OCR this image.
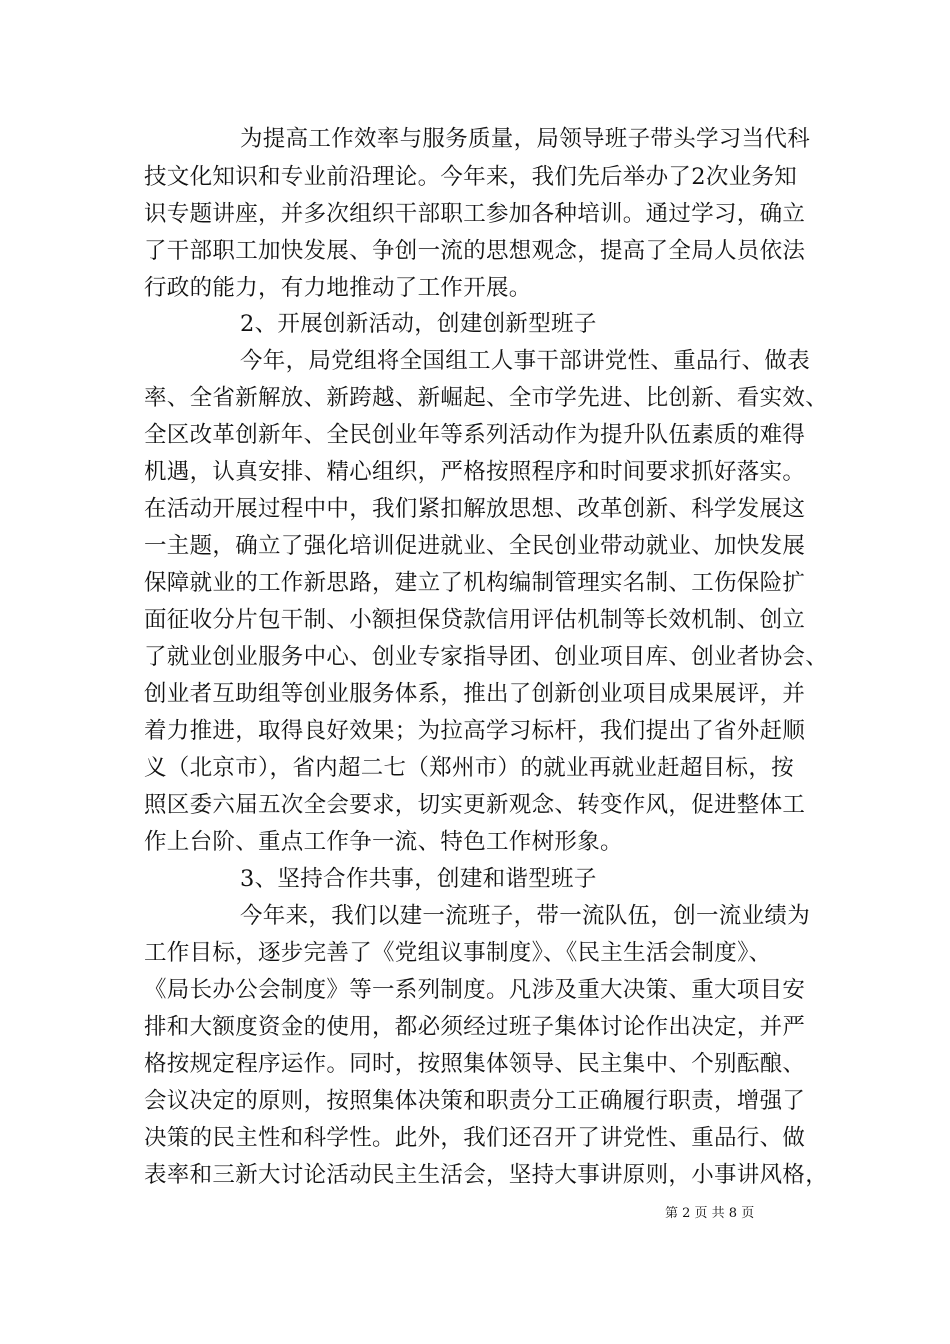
为提高工作效率与服务质量，局领导班子带头学习当代科
技文化知识和专业前沿理论。今年来，我们先后举办了2次业务知
识专题讲座，并多次组织干部职工参加各种培训。通过学习，确立
了干部职工加快发展、争创一流的思想观念，提高了全局人员依法
行政的能力，有力地推动了工作开展。
2、开展创新活动，创建创新型班子
今年，局党组将全国组工人事干部讲党性、重品行、做表
率、全省新解放、新跨越、新崛起、全市学先进、比创新、看实效、
全区改革创新年、全民创业年等系列活动作为提升队伍素质的难得
机遇，认真安排、精心组织，严格按照程序和时间要求抓好落实。
在活动开展过程中中，我们紧扣解放思想、改革创新、科学发展这
一主题，确立了强化培训促进就业、全民创业带动就业、加快发展
保障就业的工作新思路，建立了机构编制管理实名制、工伤保险扩
面征收分片包干制、小额担保贷款信用评估机制等长效机制、创立
了就业创业服务中心、创业专家指导团、创业项目库、创业者协会、
创业者互助组等创业服务体系，推出了创新创业项目成果展评，并
着力推进，取得良好效果；为拉高学习标杆，我们提出了省外赶顺
义（北京市），省内超二七（郑州市）的就业再就业赶超目标，按
照区委六届五次全会要求，切实更新观念、转变作风，促进整体工
作上台阶、重点工作争一流、特色工作树形象。
3、坚持合作共事，创建和谐型班子
今年来，我们以建一流班子，带一流队伍，创一流业绩为
工作目标，逐步完善了《党组议事制度》、《民主生活会制度》、
《局长办公会制度》等一系列制度。凡涉及重大决策、重大项目安
排和大额度资金的使用，都必须经过班子集体讨论作出决定，并严
格按规定程序运作。同时，按照集体领导、民主集中、个别酝酿、
会议决定的原则，按照集体决策和职责分工正确履行职责，增强了
决策的民主性和科学性。此外，我们还召开了讲党性、重品行、做
表率和三新大讨论活动民主生活会，坚持大事讲原则，小事讲风格，
第 2 页 共 8 页
